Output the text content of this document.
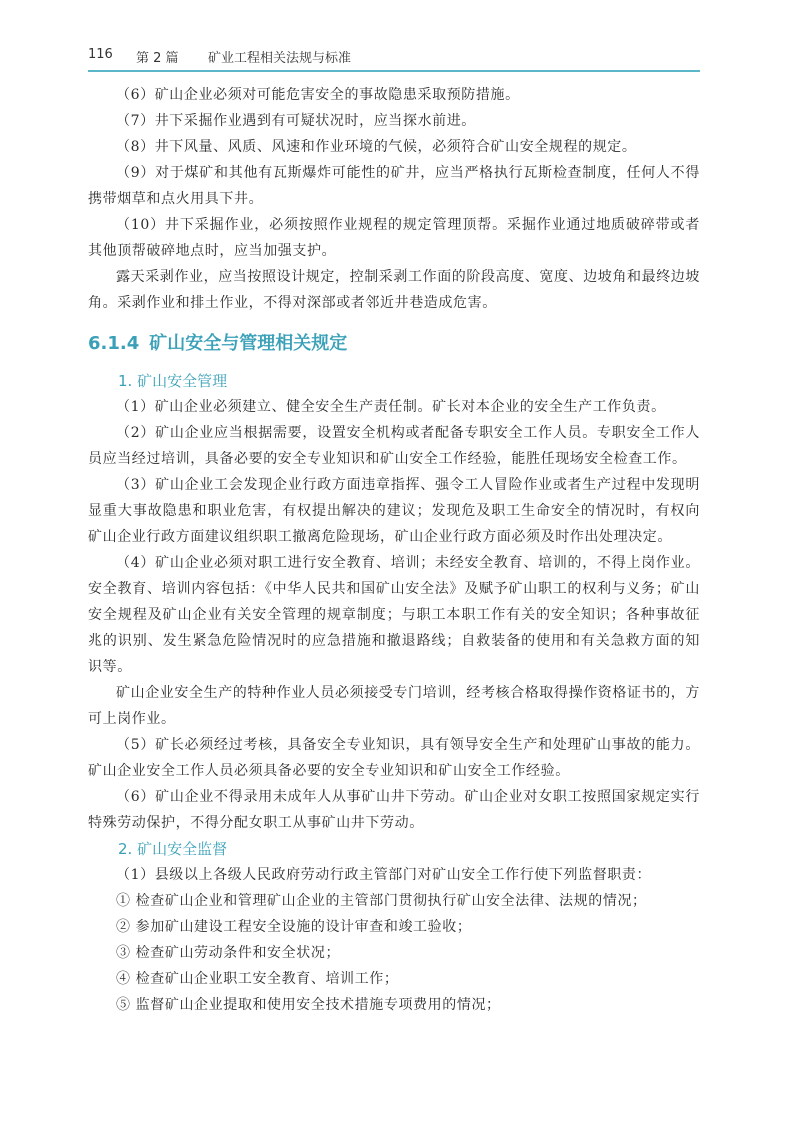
116 第 2 篇 矿业工程相关法规与标准

（6）矿山企业必须对可能危害安全的事故隐患采取预防措施。

（7）井下采掘作业遇到有可疑状况时，应当探水前进。

（8）井下风量、风质、风速和作业环境的气候，必须符合矿山安全规程的规定。

（9）对于煤矿和其他有瓦斯爆炸可能性的矿井，应当严格执行瓦斯检查制度，任何人不得携带烟草和点火用具下井。

（10）井下采掘作业，必须按照作业规程的规定管理顶帮。采掘作业通过地质破碎带或者其他顶帮破碎地点时，应当加强支护。

露天采剥作业，应当按照设计规定，控制采剥工作面的阶段高度、宽度、边坡角和最终边坡角。采剥作业和排土作业，不得对深部或者邻近井巷造成危害。

6.1.4 矿山安全与管理相关规定
1. 矿山安全管理

（1）矿山企业必须建立、健全安全生产责任制。矿长对本企业的安全生产工作负责。

（2）矿山企业应当根据需要，设置安全机构或者配备专职安全工作人员。专职安全工作人员应当经过培训，具备必要的安全专业知识和矿山安全工作经验，能胜任现场安全检查工作。

（3）矿山企业工会发现企业行政方面违章指挥、强令工人冒险作业或者生产过程中发现明显重大事故隐患和职业危害，有权提出解决的建议；发现危及职工生命安全的情况时，有权向矿山企业行政方面建议组织职工撤离危险现场，矿山企业行政方面必须及时作出处理决定。

（4）矿山企业必须对职工进行安全教育、培训；未经安全教育、培训的，不得上岗作业。安全教育、培训内容包括：《中华人民共和国矿山安全法》及赋予矿山职工的权利与义务；矿山安全规程及矿山企业有关安全管理的规章制度；与职工本职工作有关的安全知识；各种事故征兆的识别、发生紧急危险情况时的应急措施和撤退路线；自救装备的使用和有关急救方面的知识等。

矿山企业安全生产的特种作业人员必须接受专门培训，经考核合格取得操作资格证书的，方可上岗作业。

（5）矿长必须经过考核，具备安全专业知识，具有领导安全生产和处理矿山事故的能力。矿山企业安全工作人员必须具备必要的安全专业知识和矿山安全工作经验。

（6）矿山企业不得录用未成年人从事矿山井下劳动。矿山企业对女职工按照国家规定实行特殊劳动保护，不得分配女职工从事矿山井下劳动。

2. 矿山安全监督

（1）县级以上各级人民政府劳动行政主管部门对矿山安全工作行使下列监督职责：

① 检查矿山企业和管理矿山企业的主管部门贯彻执行矿山安全法律、法规的情况；

② 参加矿山建设工程安全设施的设计审查和竣工验收；

③ 检查矿山劳动条件和安全状况；

④ 检查矿山企业职工安全教育、培训工作；

⑤ 监督矿山企业提取和使用安全技术措施专项费用的情况；
